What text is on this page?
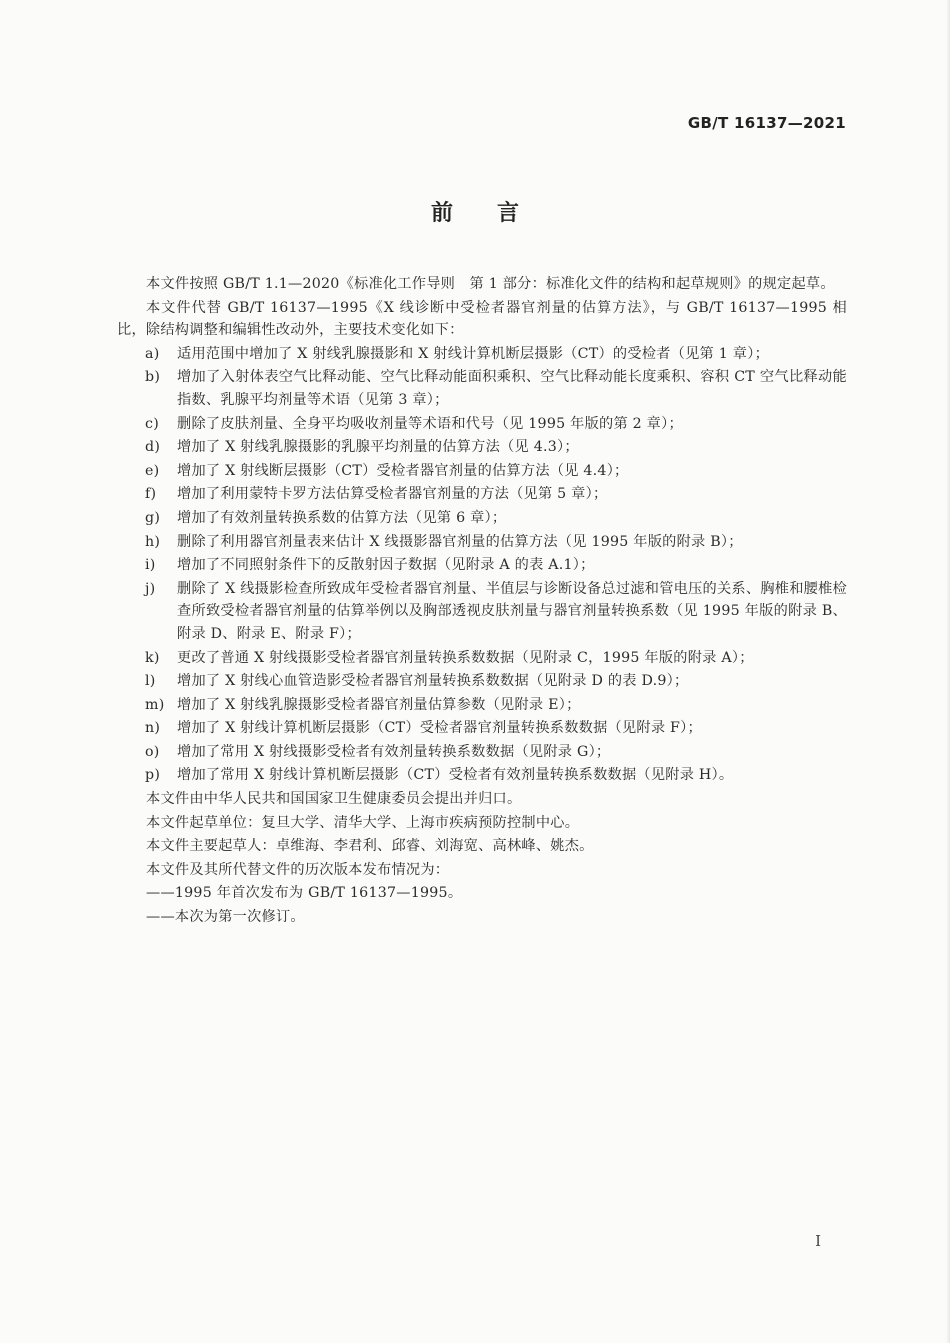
GB/T 16137—2021
前言

本文件按照 GB/T 1.1—2020《标准化工作导则　第 1 部分：标准化文件的结构和起草规则》的规定起草。

本文件代替 GB/T 16137—1995《X 线诊断中受检者器官剂量的估算方法》，与 GB/T 16137—1995 相比，除结构调整和编辑性改动外，主要技术变化如下：

a) 适用范围中增加了 X 射线乳腺摄影和 X 射线计算机断层摄影（CT）的受检者（见第 1 章）；
b) 增加了入射体表空气比释动能、空气比释动能面积乘积、空气比释动能长度乘积、容积 CT 空气比释动能指数、乳腺平均剂量等术语（见第 3 章）；
c) 删除了皮肤剂量、全身平均吸收剂量等术语和代号（见 1995 年版的第 2 章）；
d) 增加了 X 射线乳腺摄影的乳腺平均剂量的估算方法（见 4.3）；
e) 增加了 X 射线断层摄影（CT）受检者器官剂量的估算方法（见 4.4）；
f) 增加了利用蒙特卡罗方法估算受检者器官剂量的方法（见第 5 章）；
g) 增加了有效剂量转换系数的估算方法（见第 6 章）；
h) 删除了利用器官剂量表来估计 X 线摄影器官剂量的估算方法（见 1995 年版的附录 B）；
i) 增加了不同照射条件下的反散射因子数据（见附录 A 的表 A.1）；
j) 删除了 X 线摄影检查所致成年受检者器官剂量、半值层与诊断设备总过滤和管电压的关系、胸椎和腰椎检查所致受检者器官剂量的估算举例以及胸部透视皮肤剂量与器官剂量转换系数（见 1995 年版的附录 B、附录 D、附录 E、附录 F）；
k) 更改了普通 X 射线摄影受检者器官剂量转换系数数据（见附录 C，1995 年版的附录 A）；
l) 增加了 X 射线心血管造影受检者器官剂量转换系数数据（见附录 D 的表 D.9）；
m) 增加了 X 射线乳腺摄影受检者器官剂量估算参数（见附录 E）；
n) 增加了 X 射线计算机断层摄影（CT）受检者器官剂量转换系数数据（见附录 F）；
o) 增加了常用 X 射线摄影受检者有效剂量转换系数数据（见附录 G）；
p) 增加了常用 X 射线计算机断层摄影（CT）受检者有效剂量转换系数数据（见附录 H）。

本文件由中华人民共和国国家卫生健康委员会提出并归口。

本文件起草单位：复旦大学、清华大学、上海市疾病预防控制中心。

本文件主要起草人：卓维海、李君利、邱睿、刘海宽、高林峰、姚杰。

本文件及其所代替文件的历次版本发布情况为：

——1995 年首次发布为 GB/T 16137—1995。

——本次为第一次修订。

I
